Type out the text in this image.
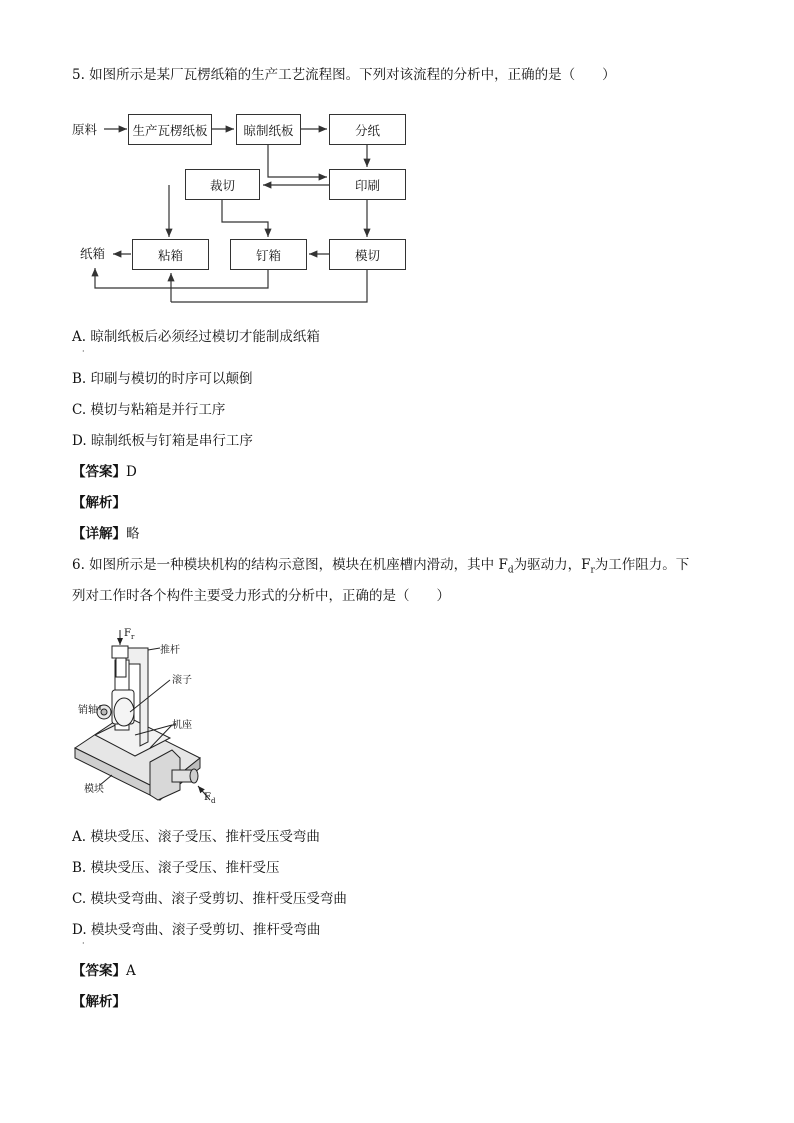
5. 如图所示是某厂瓦楞纸箱的生产工艺流程图。下列对该流程的分析中，正确的是（　　）
原料	生产瓦楞纸板	晾制纸板	分纸
印刷
裁切
模切
粘箱	钉箱
纸箱
A. 晾制纸板后必须经过模切才能制成纸箱
·
B. 印刷与模切的时序可以颠倒
C. 模切与粘箱是并行工序
D. 晾制纸板与钉箱是串行工序
【答案】D
【解析】
【详解】略
6. 如图所示是一种模块机构的结构示意图，模块在机座槽内滑动，其中 $F_d$为驱动力，$F_r$为工作阻力。下
列对工作时各个构件主要受力形式的分析中，正确的是（　　）
$F_r$
推杆
滚子
销轴
机座
模块
$F_d$
A. 模块受压、滚子受压、推杆受压受弯曲
B. 模块受压、滚子受压、推杆受压
C. 模块受弯曲、滚子受剪切、推杆受压受弯曲
D. 模块受弯曲、滚子受剪切、推杆受弯曲
·
【答案】A
【解析】
